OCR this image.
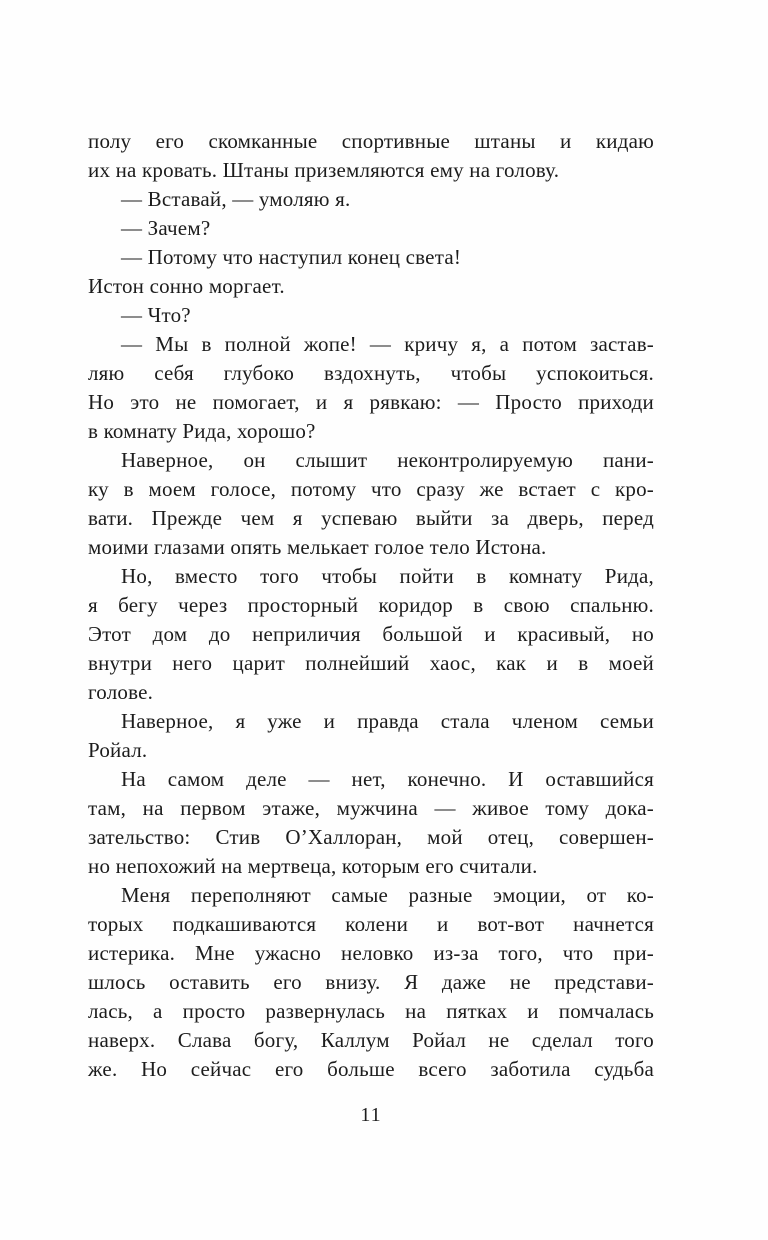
полу его скомканные спортивные штаны и кидаю
их на кровать. Штаны приземляются ему на голову.
— Вставай, — умоляю я.
— Зачем?
— Потому что наступил конец света!
Истон сонно моргает.
— Что?
— Мы в полной жопе! — кричу я, а потом застав-
ляю себя глубоко вздохнуть, чтобы успокоиться.
Но это не помогает, и я рявкаю: — Просто приходи
в комнату Рида, хорошо?
Наверное, он слышит неконтролируемую пани-
ку в моем голосе, потому что сразу же встает с кро-
вати. Прежде чем я успеваю выйти за дверь, перед
моими глазами опять мелькает голое тело Истона.
Но, вместо того чтобы пойти в комнату Рида,
я бегу через просторный коридор в свою спальню.
Этот дом до неприличия большой и красивый, но
внутри него царит полнейший хаос, как и в моей
голове.
Наверное, я уже и правда стала членом семьи
Ройал.
На самом деле — нет, конечно. И оставшийся
там, на первом этаже, мужчина — живое тому дока-
зательство: Стив О’Халлоран, мой отец, совершен-
но непохожий на мертвеца, которым его считали.
Меня переполняют самые разные эмоции, от ко-
торых подкашиваются колени и вот-вот начнется
истерика. Мне ужасно неловко из-за того, что при-
шлось оставить его внизу. Я даже не представи-
лась, а просто развернулась на пятках и помчалась
наверх. Слава богу, Каллум Ройал не сделал того
же. Но сейчас его больше всего заботила судьба
11
